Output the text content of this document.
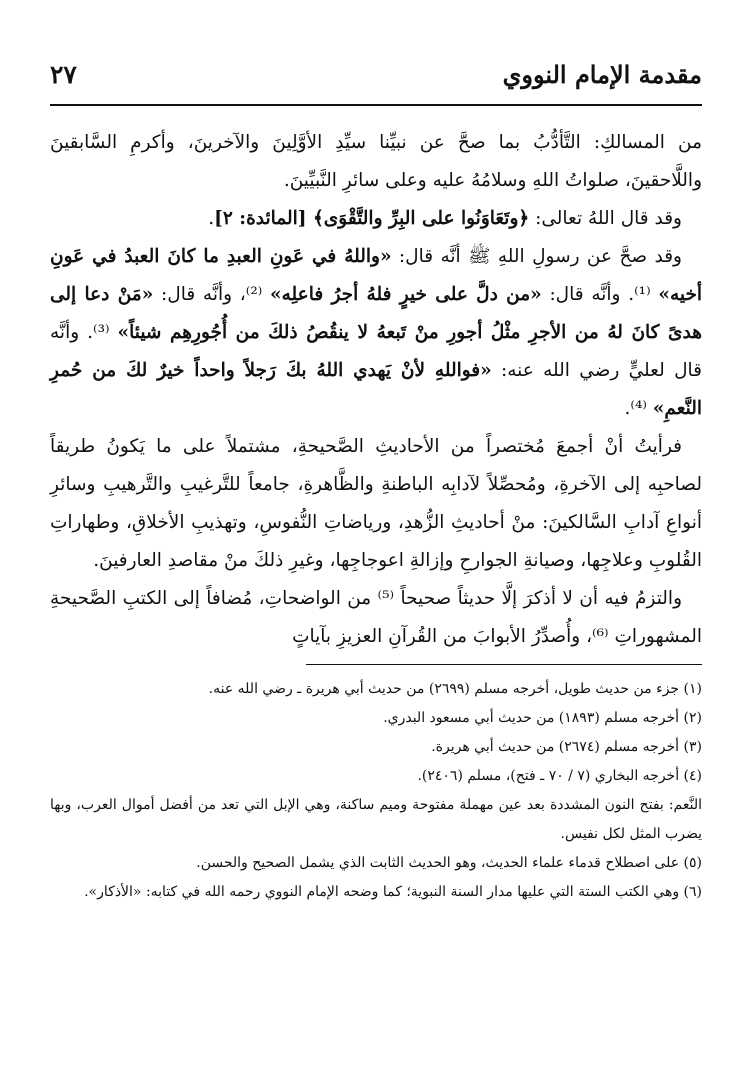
مقدمة الإمام النووي
٢٧

من المسالكِ: التَّأدُّبُ بما صحَّ عن نبيِّنا سيِّدِ الأوَّلِينَ والآخرينَ، وأكرمِ السَّابقينَ واللَّاحقينَ، صلواتُ اللهِ وسلامُهُ عليه وعلى سائرِ النَّبيِّينَ.

وقد قال اللهُ تعالى: ﴿وتَعَاوَنُوا على البِرِّ والتَّقْوَى﴾ [المائدة: ٢].

وقد صحَّ عن رسولِ اللهِ ﷺ أنَّه قال: «واللهُ في عَونِ العبدِ ما كانَ العبدُ في عَونِ أخيه» ⁽¹⁾. وأنَّه قال: «من دلَّ على خيرٍ فلهُ أجرُ فاعلِه» ⁽²⁾، وأنَّه قال: «مَنْ دعا إلى هدىً كانَ لهُ من الأجرِ مثْلُ أجورِ منْ تَبعهُ لا ينقُصُ ذلكَ من أُجُورِهِم شيئاً» ⁽³⁾. وأنَّه قال لعليٍّ رضي الله عنه: «فواللهِ لأنْ يَهدي اللهُ بكَ رَجلاً واحداً خيرٌ لكَ من حُمرِ النَّعمِ» ⁽⁴⁾.

فرأيتُ أنْ أجمعَ مُختصراً من الأحاديثِ الصَّحيحةِ، مشتملاً على ما يَكونُ طريقاً لصاحبِه إلى الآخرةِ، ومُحصِّلاً لآدابِه الباطنةِ والظَّاهرةِ، جامعاً للتَّرغيبِ والتَّرهيبِ وسائرِ أنواعِ آدابِ السَّالكينَ: منْ أحاديثِ الزُّهدِ، ورياضاتِ النُّفوسِ، وتهذيبِ الأخلاقِ، وطهاراتِ القُلوبِ وعلاجِها، وصيانةِ الجوارحِ وإزالةِ اعوجاجِها، وغيرِ ذلكَ منْ مقاصدِ العارفينَ.

والتزمُ فيه أن لا أذكرَ إلَّا حديثاً صحيحاً ⁽⁵⁾ من الواضحاتِ، مُضافاً إلى الكتبِ الصَّحيحةِ المشهوراتِ ⁽⁶⁾، وأُصدِّرُ الأبوابَ من القُرآنِ العزيزِ بآياتٍ

(١) جزء من حديث طويل، أخرجه مسلم (٢٦٩٩) من حديث أبي هريرة ـ رضي الله عنه.

(٢) أخرجه مسلم (١٨٩٣) من حديث أبي مسعود البدري.

(٣) أخرجه مسلم (٢٦٧٤) من حديث أبي هريرة.

(٤) أخرجه البخاري (٧ / ٧٠ ـ فتح)، مسلم (٢٤٠٦).

النَّعم: بفتح النون المشددة بعد عين مهملة مفتوحة وميم ساكنة، وهي الإبل التي تعد من أفضل أموال العرب، وبها يضرب المثل لكل نفيس.

(٥) على اصطلاح قدماء علماء الحديث، وهو الحديث الثابت الذي يشمل الصحيح والحسن.

(٦) وهي الكتب الستة التي عليها مدار السنة النبوية؛ كما وضحه الإمام النووي رحمه الله في كتابه: «الأذكار».
